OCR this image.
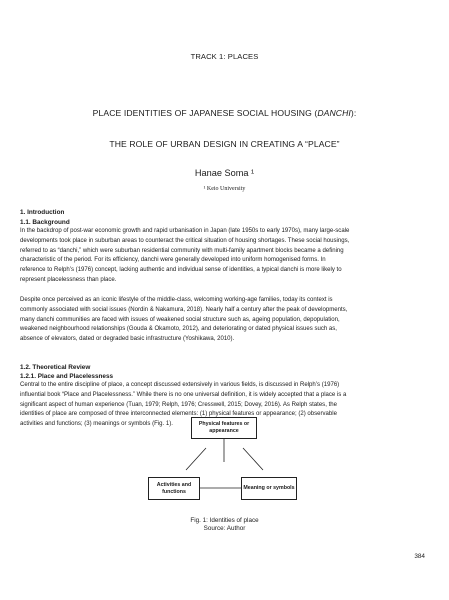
TRACK 1: PLACES
PLACE IDENTITIES OF JAPANESE SOCIAL HOUSING (DANCHI):
THE ROLE OF URBAN DESIGN IN CREATING A “PLACE”
Hanae Soma ¹
¹ Keio University
1. Introduction
1.1. Background
In the backdrop of post-war economic growth and rapid urbanisation in Japan (late 1950s to early 1970s), many large-scale
developments took place in suburban areas to counteract the critical situation of housing shortages. These social housings,
referred to as “danchi,” which were suburban residential community with multi-family apartment blocks became a defining
characteristic of the period. For its efficiency, danchi were generally developed into uniform homogenised forms. In
reference to Relph’s (1976) concept, lacking authentic and individual sense of identities, a typical danchi is more likely to
represent placelessness than place.
Despite once perceived as an iconic lifestyle of the middle-class, welcoming working-age families, today its context is
commonly associated with social issues (Nordin & Nakamura, 2018). Nearly half a century after the peak of developments,
many danchi communities are faced with issues of weakened social structure such as, ageing population, depopulation,
weakened neighbourhood relationships (Gouda & Okamoto, 2012), and deteriorating or dated physical issues such as,
absence of elevators, dated or degraded basic infrastructure (Yoshikawa, 2010).
1.2. Theoretical Review
1.2.1. Place and Placelessness
Central to the entire discipline of place, a concept discussed extensively in various fields, is discussed in Relph’s (1976)
influential book “Place and Placelessness.” While there is no one universal definition, it is widely accepted that a place is a
significant aspect of human experience (Tuan, 1979; Relph, 1976; Cresswell, 2015; Dovey, 2016). As Relph states, the
identities of place are composed of three interconnected elements: (1) physical features or appearance; (2) observable
activities and functions; (3) meanings or symbols (Fig. 1).	Physical features or appearance
Activities and functions
Meaning or symbols
Fig. 1: Identities of place
Source: Author
384
